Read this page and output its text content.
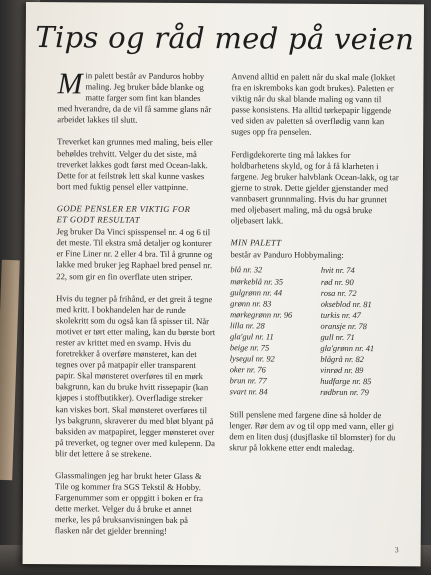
Tips og råd med på veien

Min palett består av Panduros hobby maling. Jeg bruker både blanke og matte farger som fint kan blandes med hverandre, da de vil få samme glans når arbeidet lakkes til slutt.

Treverket kan grunnes med maling, beis eller behøldes trehvitt. Velger du det siste, må treverket lakkes godt først med Ocean-lakk. Dette for at feilstrøk lett skal kunne vaskes bort med fuktig pensel eller vattpinne.

GODE PENSLER ER VIKTIG FOR
ET GODT RESULTAT

Jeg bruker Da Vinci spisspensel nr. 4 og 6 til det meste. Til ekstra små detaljer og konturer er Fine Liner nr. 2 eller 4 bra. Til å grunne og lakke med bruker jeg Raphael bred pensel nr. 22, som gir en fin overflate uten striper.

Hvis du tegner på frihånd, er det greit å tegne med kritt. I bokhandelen har de runde skolekritt som du også kan få spisser til. Når motivet er tørt etter maling, kan du børste bort rester av krittet med en svamp. Hvis du foretrekker å overføre mønsteret, kan det tegnes over på matpapir eller transparent papir. Skal mønsteret overføres til en mørk bakgrunn, kan du bruke hvitt rissepapir (kan kjøpes i stoffbutikker). Overfladige streker kan viskes bort. Skal mønsteret overføres til lys bakgrunn, skraverer du med bløt blyant på baksiden av matpapiret, legger mønsteret over på treverket, og tegner over med kulepenn. Da blir det lettere å se strekene.

Glassmalingen jeg har brukt heter Glass & Tile og kommer fra SGS Tekstil & Hobby. Fargenummer som er oppgitt i boken er fra dette merket. Velger du å bruke et annet merke, les på bruksanvisningen bak på flasken når det gjelder brenning!

Anvend alltid en palett når du skal male (lokket fra en iskremboks kan godt brukes). Paletten er viktig når du skal blande maling og vann til passe konsistens. Ha alltid tørkepapir liggende ved siden av paletten så overflødig vann kan suges opp fra penselen.

Ferdigdekorerte ting må lakkes for holdbarhetens skyld, og for å få klarheten i fargene. Jeg bruker halvblank Ocean-lakk, og tar gjerne to strøk. Dette gjelder gjenstander med vannbasert grunnmaling. Hvis du har grunnet med oljebasert maling, må du også bruke oljebasert lakk.

MIN PALETT
består av Panduro Hobbymaling:
blå nr. 32	hvit nr. 74
mørkeblå nr. 35	rød nr. 90
gulgrønn nr. 44	rosa nr. 72
grønn nr. 83	okseblod nr. 81
mørkegrønn nr. 96	turkis nr. 47
lilla nr. 28	oransje nr. 78
gla'gul nr. 11	gull nr. 71
beige nr. 75	gla'grønn nr. 41
lysegul nr. 92	blågrå nr. 82
oker nr. 76	vinrød nr. 89
brun nr. 77	hudfarge nr. 85
svart nr. 84	rødbrun nr. 79

Still penslene med fargene dine så holder de lenger. Rør dem av og til opp med vann, eller gi dem en liten dusj (dusjflaske til blomster) for du skrur på lokkene etter endt maledag.

3
